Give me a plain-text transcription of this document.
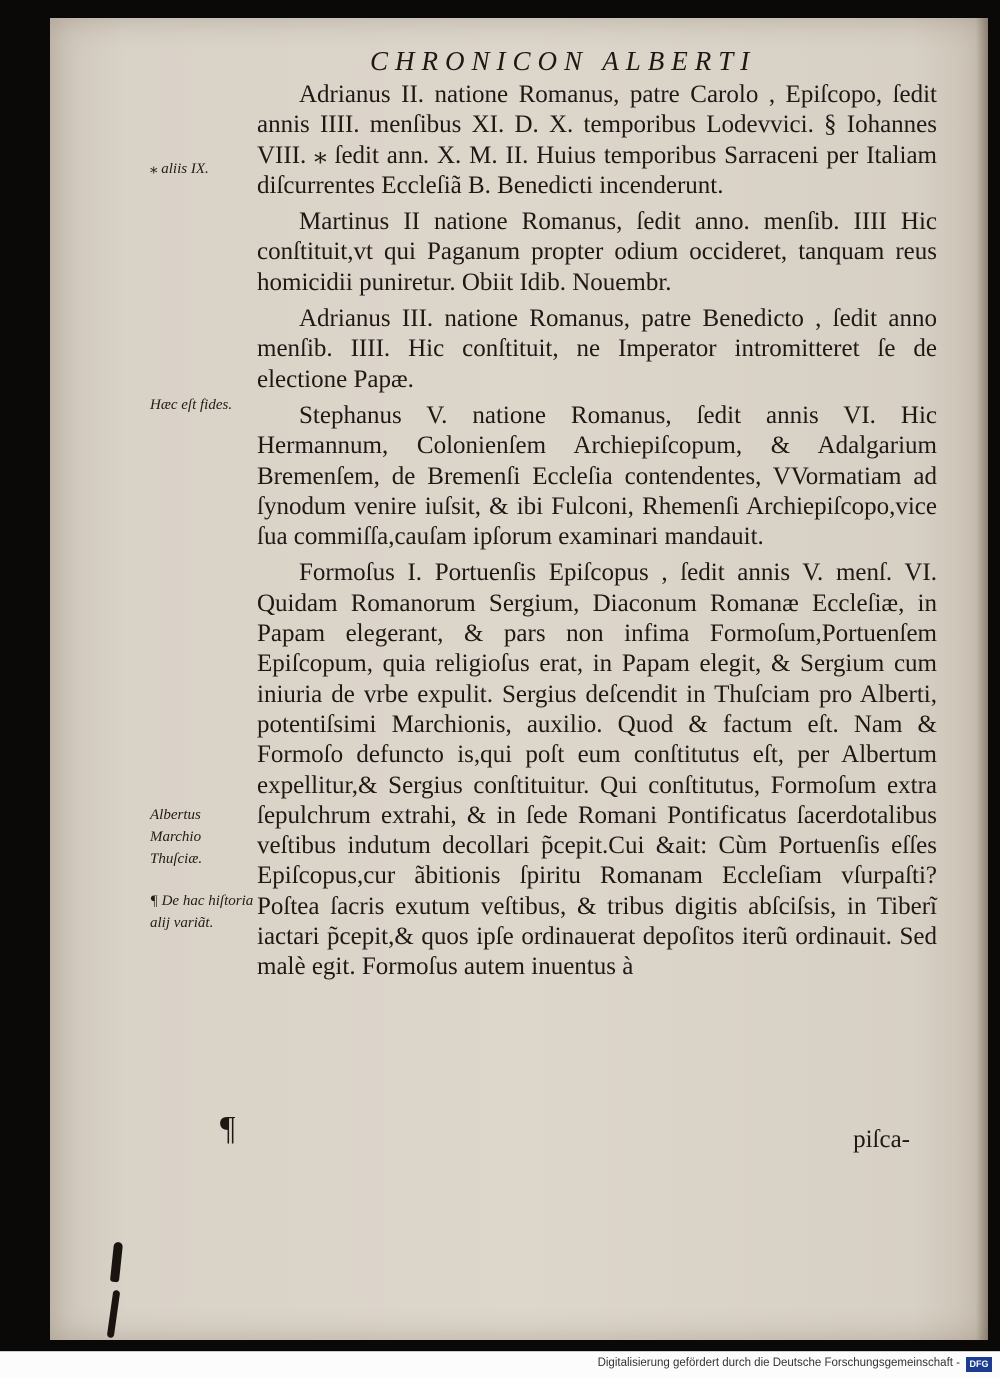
CHRONICON ALBERTI

Adrianus II. natione Romanus, patre Carolo , Epiſcopo, ſedit annis IIII. menſibus XI. D. X. temporibus Lodevvici. § Iohannes VIII. ⁎ ſedit ann. X. M. II. Huius temporibus Sarraceni per Italiam diſcurrentes Eccleſiã B. Benedicti incenderunt.

Martinus II natione Romanus, ſedit anno. menſib. IIII Hic conſtituit,vt qui Paganum propter odium occideret, tanquam reus homicidii puniretur. Obiit Idib. Nouembr.

Adrianus III. natione Romanus, patre Benedicto , ſedit anno menſib. IIII. Hic conſtituit, ne Imperator intromitteret ſe de electione Papæ.

Stephanus V. natione Romanus, ſedit annis VI. Hic Hermannum, Colonienſem Archiepiſcopum, & Adalgarium Bremenſem, de Bremenſi Eccleſia contendentes, VVormatiam ad ſynodum venire iuſsit, & ibi Fulconi, Rhemenſi Archiepiſcopo,vice ſua commiſſa,cauſam ipſorum examinari mandauit.

Formoſus I. Portuenſis Epiſcopus , ſedit annis V. menſ. VI. Quidam Romanorum Sergium, Diaconum Romanæ Eccleſiæ, in Papam elegerant, & pars non infima Formoſum,Portuenſem Epiſcopum, quia religioſus erat, in Papam elegit, & Sergium cum iniuria de vrbe expulit. Sergius deſcendit in Thuſciam pro Alberti, potentiſsimi Marchionis, auxilio. Quod & factum eſt. Nam & Formoſo defuncto is,qui poſt eum conſtitutus eſt, per Albertum expellitur,& Sergius conſtituitur. Qui conſtitutus, Formoſum extra ſepulchrum extrahi, & in ſede Romani Pontificatus ſacerdotalibus veſtibus indutum decollari p̃cepit.Cui &ait: Cùm Portuenſis eſſes Epiſcopus,cur ãbitionis ſpiritu Romanam Eccleſiam vſurpaſti? Poſtea ſacris exutum veſtibus, & tribus digitis abſciſsis, in Tiberĩ iactari p̃cepit,& quos ipſe ordinauerat depoſitos iterũ ordinauit. Sed malè egit. Formoſus autem inuentus à

⁎ aliis IX.
Hæc eſt fides.
Albertus Marchio Thuſciæ.
¶ De hac hiſtoria alij variãt.
¶	piſca-
Digitalisierung gefördert durch die Deutsche Forschungsgemeinschaft -	DFG
